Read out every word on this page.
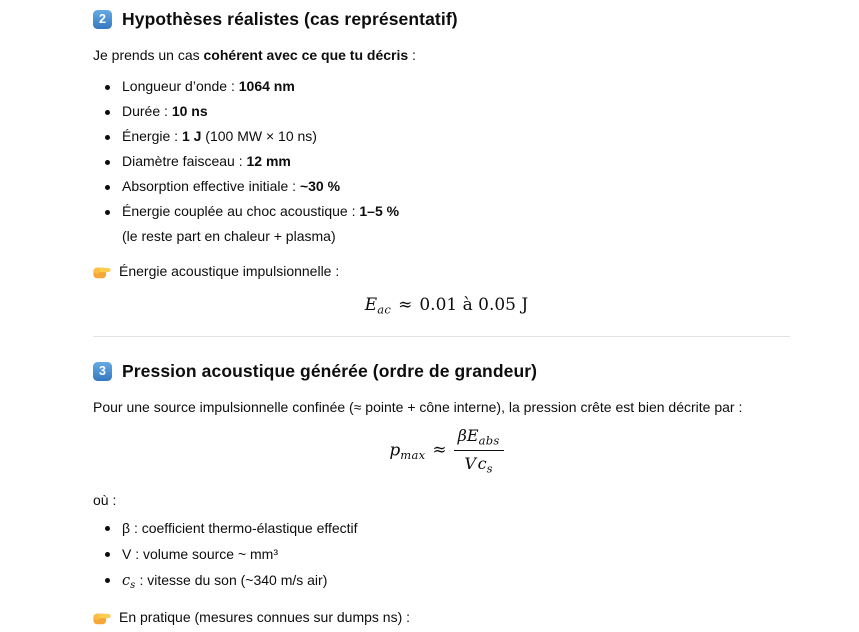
2 Hypothèses réalistes (cas représentatif)

Je prends un cas cohérent avec ce que tu décris :

Longueur d’onde : 1064 nm
Durée : 10 ns
Énergie : 1 J (100 MW × 10 ns)
Diamètre faisceau : 12 mm
Absorption effective initiale : ~30 %
Énergie couplée au choc acoustique : 1–5 %
(le reste part en chaleur + plasma)

Énergie acoustique impulsionnelle :

$E_{ac} \approx 0.01$ à 0.05 J
3 Pression acoustique générée (ordre de grandeur)

Pour une source impulsionnelle confinée (≈ pointe + cône interne), la pression crête est bien décrite par :

$p_{max} \approx \frac{\beta E_{abs}}{V c_s}$

où :

β : coefficient thermo-élastique effectif
V : volume source ~ mm³
$c_s$ : vitesse du son (~340 m/s air)

En pratique (mesures connues sur dumps ns) :
